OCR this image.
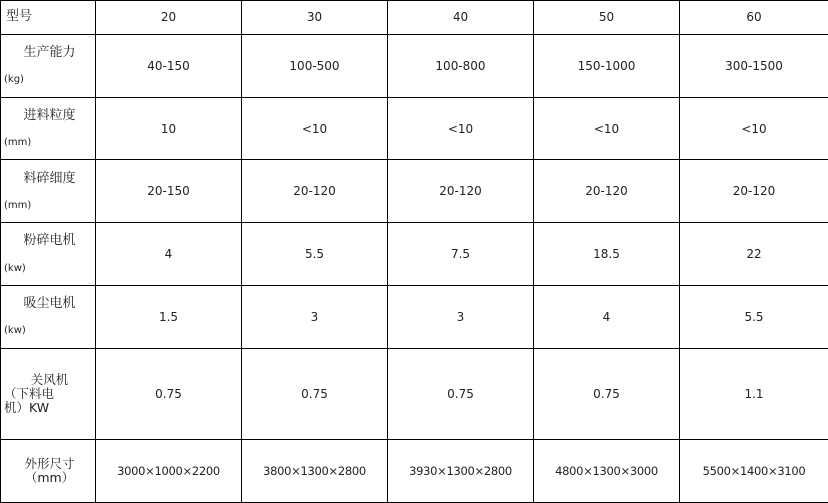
型号	20	30	40	50	60

生产能力
(kg)	40-150	100-500	100-800	150-1000	300-1500

进料粒度
(mm)	10	<10	<10	<10	<10

料碎细度
(mm)	20-150	20-120	20-120	20-120	20-120

粉碎电机
(kw)	4	5.5	7.5	18.5	22

吸尘电机
(kw)	1.5	3	3	4	5.5

关风机
（下料电
机）KW	0.75	0.75	0.75	0.75	1.1

外形尺寸
（mm）	3000×1000×2200	3800×1300×2800	3930×1300×2800	4800×1300×3000	5500×1400×3100
